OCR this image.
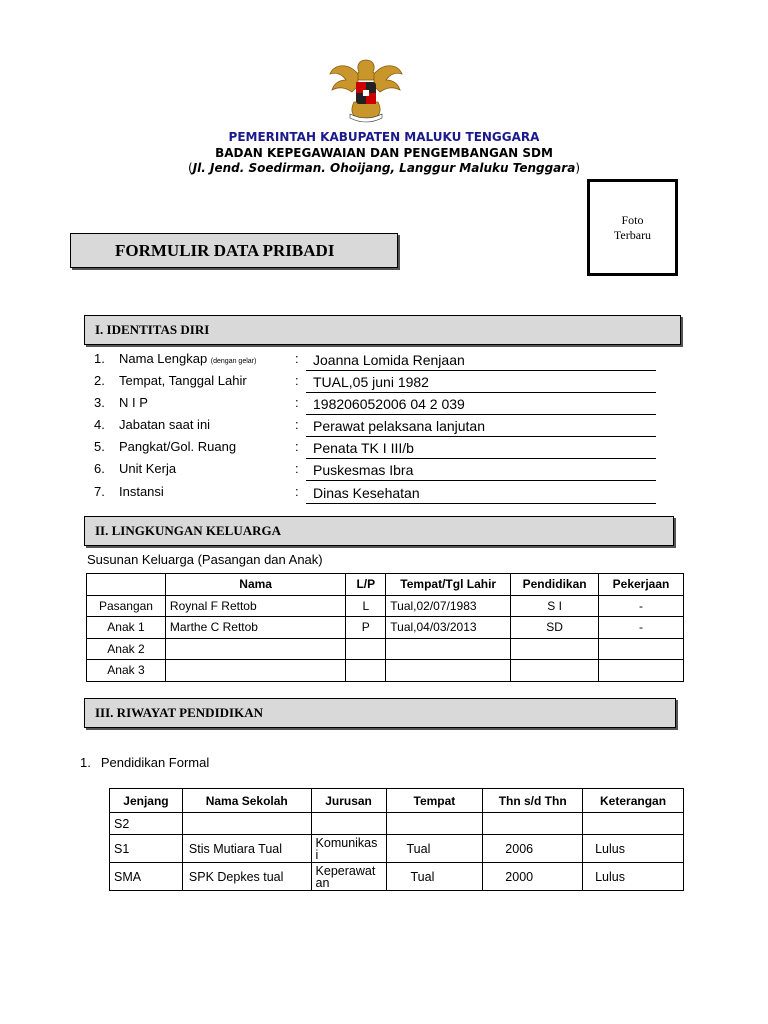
PEMERINTAH KABUPATEN MALUKU TENGGARA
BADAN KEPEGAWAIAN DAN PENGEMBANGAN SDM
(Jl. Jend. Soedirman. Ohoijang, Langgur Maluku Tenggara)
Foto
Terbaru
FORMULIR DATA PRIBADI
I. IDENTITAS DIRI
1. Nama Lengkap (dengan gelar)	:	Joanna Lomida Renjaan
2. Tempat, Tanggal Lahir	:	TUAL,05 juni 1982
3. N I P	:	198206052006 04 2 039
4. Jabatan saat ini	:	Perawat pelaksana lanjutan
5. Pangkat/Gol. Ruang	:	Penata TK I III/b
6. Unit Kerja	:	Puskesmas Ibra
7. Instansi	:	Dinas Kesehatan
II. LINGKUNGAN KELUARGA
Susunan Keluarga (Pasangan dan Anak)
	Nama	L/P	Tempat/Tgl Lahir	Pendidikan	Pekerjaan
Pasangan	Roynal F Rettob	L	Tual,02/07/1983	S I	-
Anak 1	Marthe C Rettob	P	Tual,04/03/2013	SD	-
Anak 2					
Anak 3					
III. RIWAYAT PENDIDIKAN
1. Pendidikan Formal
Jenjang	Nama Sekolah	Jurusan	Tempat	Thn s/d Thn	Keterangan
S2					
S1	Stis Mutiara Tual	Komunikas i	Tual	2006	Lulus
SMA	SPK Depkes tual	Keperawat an	Tual	2000	Lulus
